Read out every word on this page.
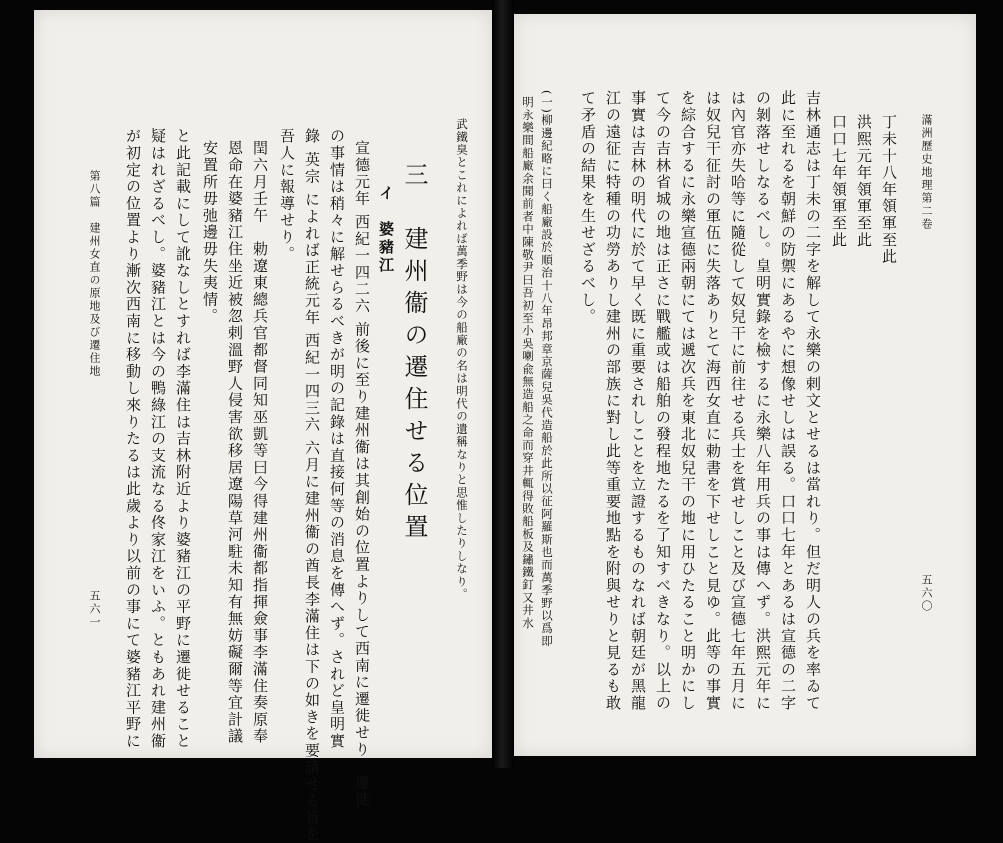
第八篇　建州女直の原地及び遷住地
五六一 が初定の位置より漸次西南に移動し來りたるは此歲より以前の事にて婆豬江平野に 疑はれざるべし。婆豬江とは今の鴨綠江の支流なる佟家江をいふ。ともあれ建州衞 と此記載にして訛なしとすれば李滿住は吉林附近より婆豬江の平野に遷徙せること 安置所毋弛邊毋失夷情。 恩命在婆豬江住坐近被忽剌溫野人侵害欲移居遼陽草河駐未知有無妨礙爾等宜計議 閏六月壬午　勅遼東總兵官都督同知巫凱等曰今得建州衞都指揮僉事李滿住奏原奉 吾人に報導せり。 錄 英宗 によれば正統元年 西紀一四三六 六月に建州衞の酋長李滿住は下の如きを要請せる旨を の事情は稍々に解せらるべきが明の記錄は直接何等の消息を傳へず。されど皇明實 宣德元年 西紀一四二六 前後に至り建州衞は其創始の位置よりして西南に遷徙せり。遷徙 イ　婆豬江 三　建州衞の遷住せる位置 武鐵臭とこれによれば萬季野は今の船廠の名は明代の遺稱なりと思惟したりしなり。	明永樂間船廠余聞前者中陳敬尹曰吾初至小吳喇兪無造船之命而穿井輒得敗船板及鏽鐵釘又井水 (一)柳邊紀略に曰く船廠設於順治十八年昂邦章京薩兒吳代造船於此所以征阿羅斯也而萬季野以爲即 て矛盾の結果を生せざるべし。 江の遠征に特種の功勞ありし建州の部族に對し此等重要地點を附與せりと見るも敢 事實は吉林の明代に於て早く既に重要されしことを立證するものなれば朝廷が黑龍 て今の吉林省城の地は正さに戰艦或は船舶の發程地たるを了知すべきなり。以上の を綜合するに永樂宣德兩朝にては遞次兵を東北奴兒干の地に用ひたること明かにし は奴兒干征討の軍伍に失落ありとて海西女直に勅書を下せしこと見ゆ。此等の事實 は內官亦失哈等に隨從して奴兒干に前往せる兵士を賞せしこと及び宣德七年五月に の剝落せしなるべし。皇明實錄を檢するに永樂八年用兵の事は傳へず。洪熙元年に 此に至れるを朝鮮の防禦にあるやに想像せしは誤る。口口七年とあるは宣德の二字 吉林通志は丁未の二字を解して永樂の剌文とせるは當れり。但だ明人の兵を率ゐて 口口七年領軍至此 洪熙元年領軍至此 丁未十八年領軍至此	滿洲歷史地理第二卷
五六〇
